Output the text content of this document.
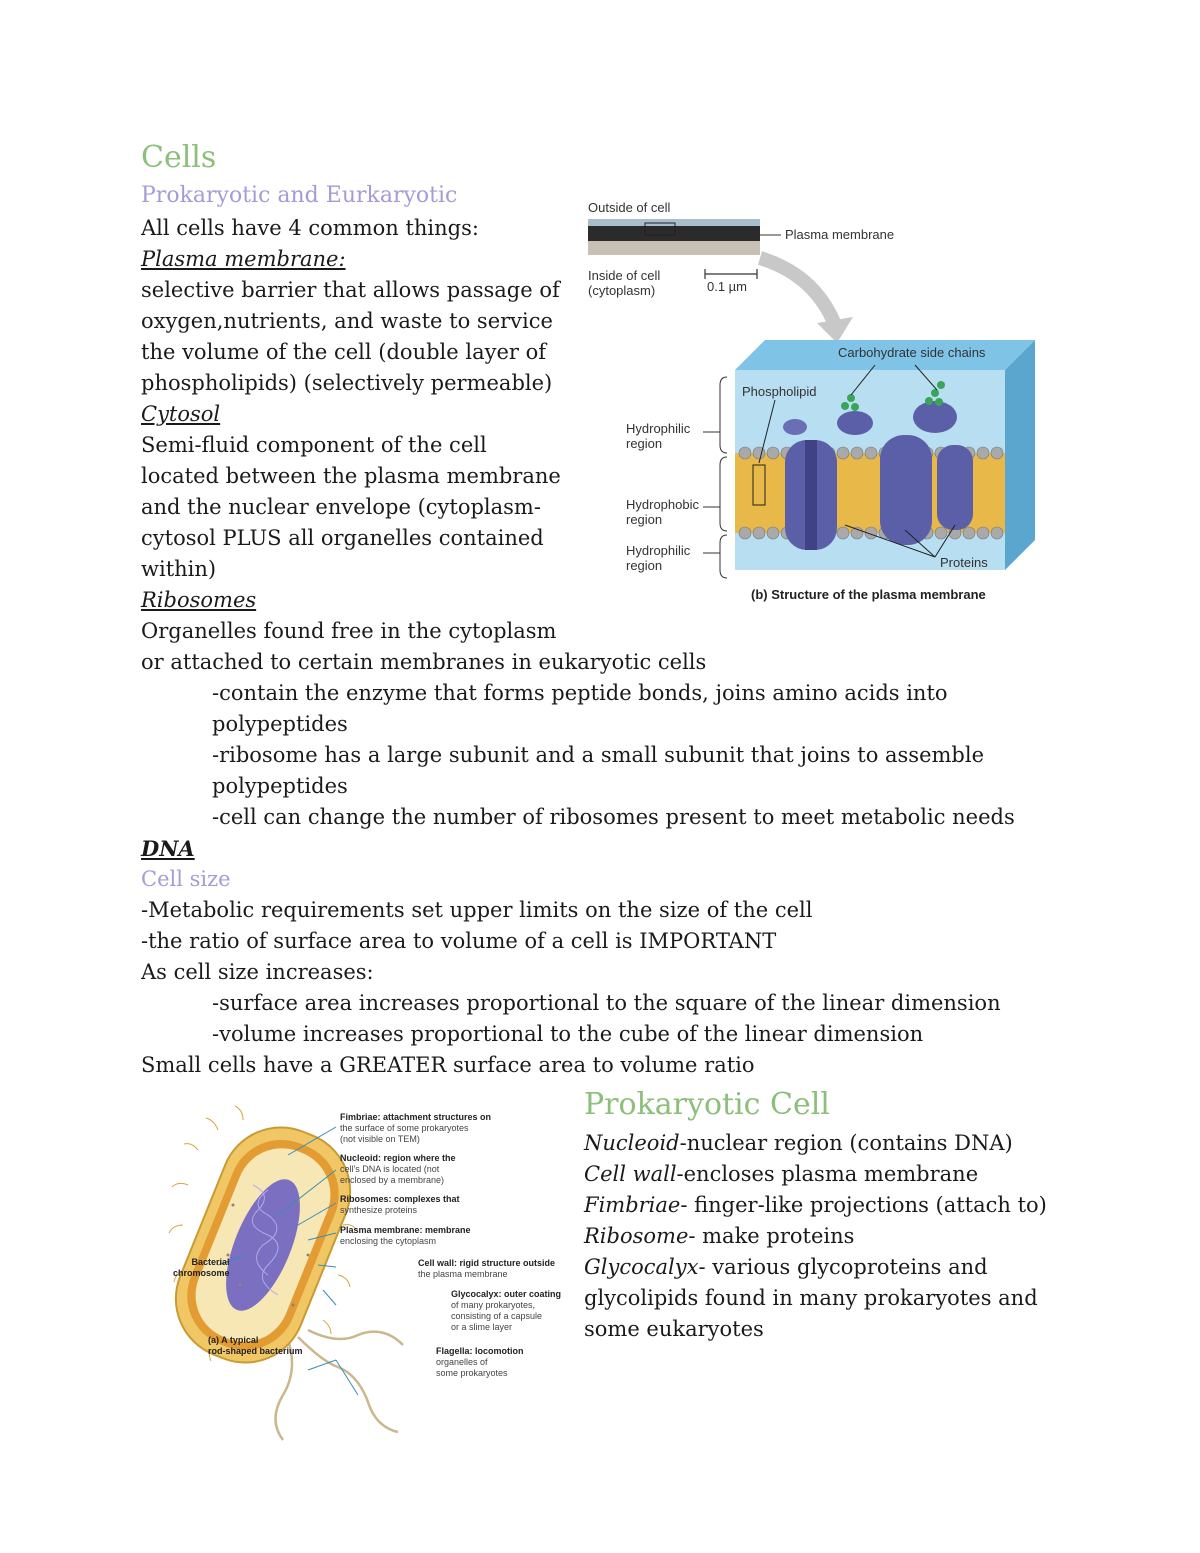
Cells
Prokaryotic and Eurkaryotic
All cells have 4 common things:
Plasma membrane:
selective barrier that allows passage of
oxygen,nutrients, and waste to service
the volume of the cell (double layer of
phospholipids) (selectively permeable)
Cytosol
Semi-fluid component of the cell
located between the plasma membrane
and the nuclear envelope (cytoplasm-
cytosol PLUS all organelles contained
within)
Ribosomes
Organelles found free in the cytoplasm
or attached to certain membranes in eukaryotic cells
-contain the enzyme that forms peptide bonds, joins amino acids into
polypeptides
-ribosome has a large subunit and a small subunit that joins to assemble
polypeptides
-cell can change the number of ribosomes present to meet metabolic needs
DNA
Cell size
-Metabolic requirements set upper limits on the size of the cell
-the ratio of surface area to volume of a cell is IMPORTANT
As cell size increases:
-surface area increases proportional to the square of the linear dimension
-volume increases proportional to the cube of the linear dimension
Small cells have a GREATER surface area to volume ratio
Outside of cell
Plasma membrane
Inside of cell
(cytoplasm)	0.1 µm
Carbohydrate side chains
Phospholipid
Hydrophilic
region
Hydrophobic
region
Hydrophilic
region	Proteins
(b) Structure of the plasma membrane
Fimbriae: attachment structures on
the surface of some prokaryotes
(not visible on TEM)
Nucleoid: region where the
cell's DNA is located (not
enclosed by a membrane)
Ribosomes: complexes that
synthesize proteins
Plasma membrane: membrane
enclosing the cytoplasm
Cell wall: rigid structure outside
the plasma membrane
Glycocalyx: outer coating
of many prokaryotes,
consisting of a capsule
or a slime layer
Flagella: locomotion
organelles of
some prokaryotes
Bacterial
chromosome
(a) A typical
rod-shaped bacterium
Prokaryotic Cell
Nucleoid-nuclear region (contains DNA)
Cell wall-encloses plasma membrane
Fimbriae- finger-like projections (attach to)
Ribosome- make proteins
Glycocalyx- various glycoproteins and
glycolipids found in many prokaryotes and
some eukaryotes
